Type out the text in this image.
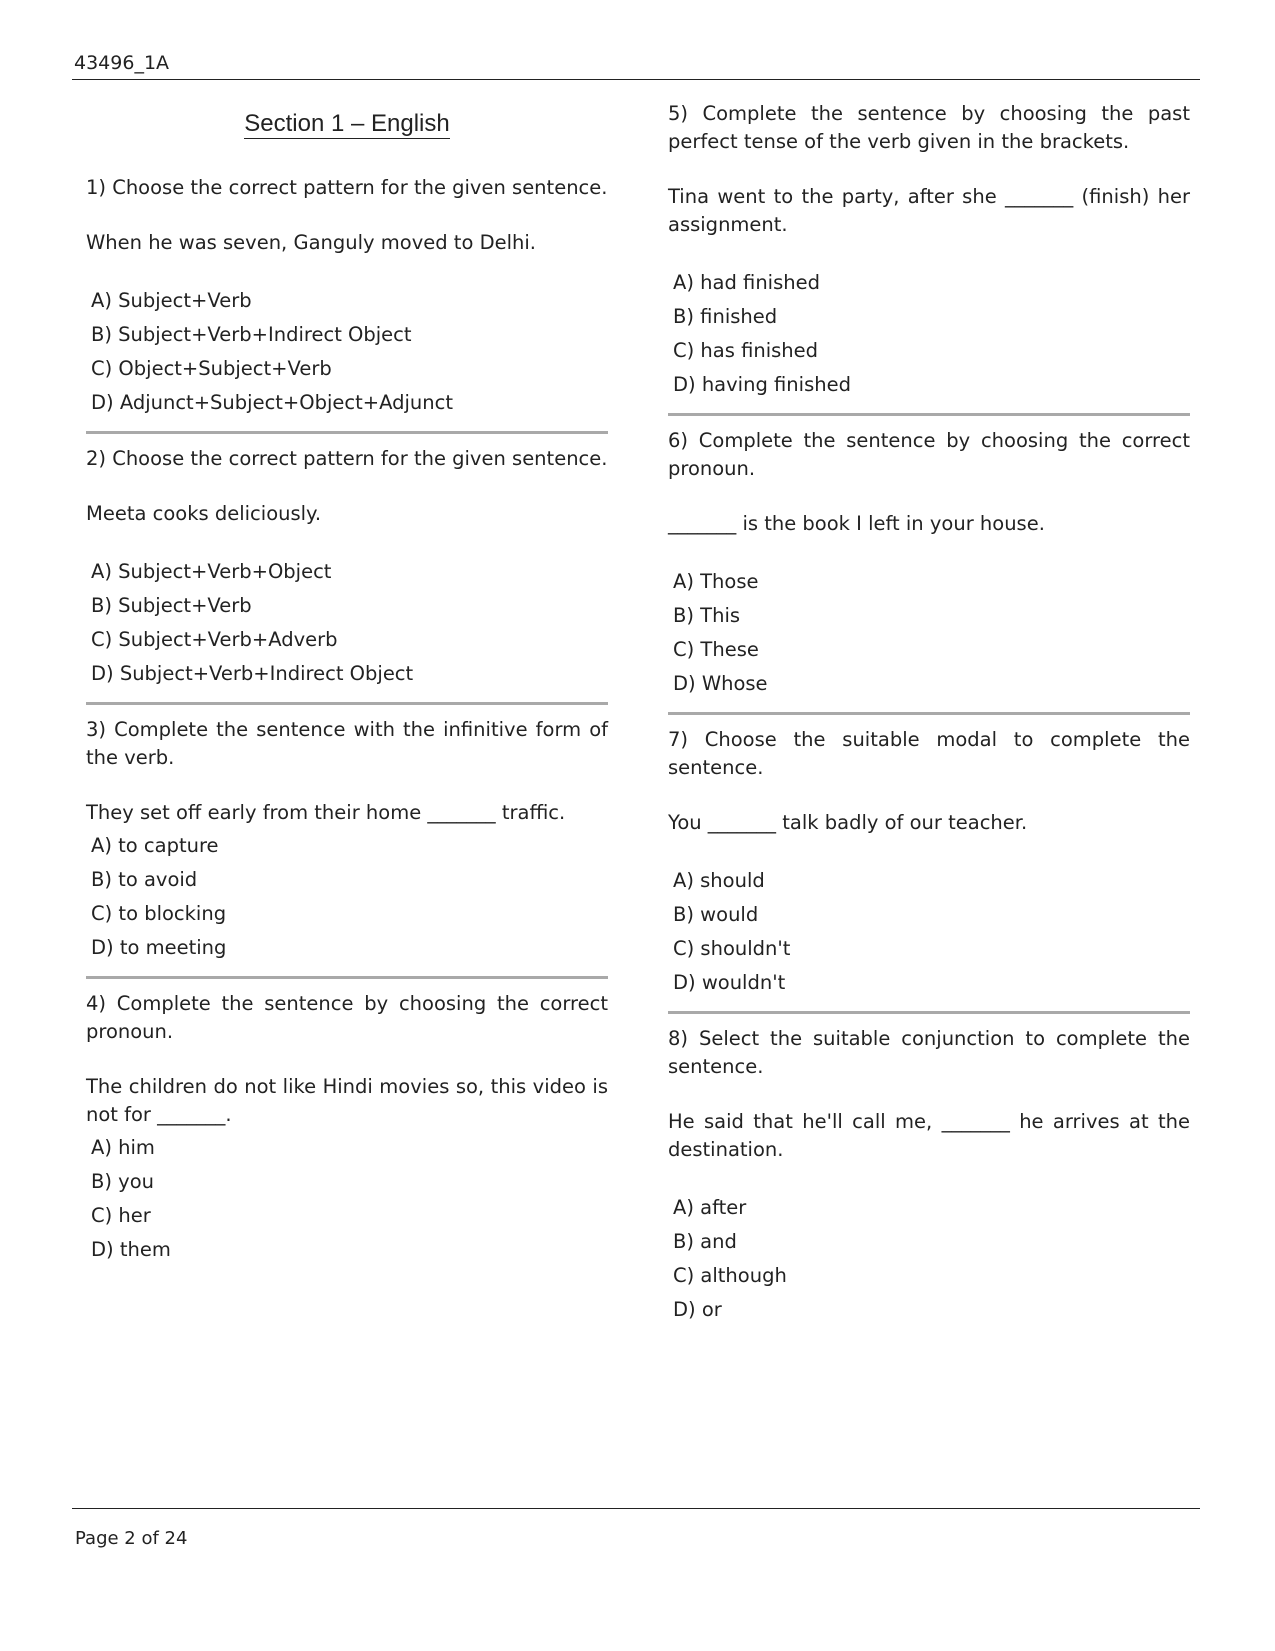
43496_1A
Section 1 – English

1) Choose the correct pattern for the given sentence.

When he was seven, Ganguly moved to Delhi.

A) Subject+Verb
B) Subject+Verb+Indirect Object
C) Object+Subject+Verb
D) Adjunct+Subject+Object+Adjunct

2) Choose the correct pattern for the given sentence.

Meeta cooks deliciously.

A) Subject+Verb+Object
B) Subject+Verb
C) Subject+Verb+Adverb
D) Subject+Verb+Indirect Object

3) Complete the sentence with the infinitive form of the verb.

They set off early from their home _______ traffic.

A) to capture
B) to avoid
C) to blocking
D) to meeting

4) Complete the sentence by choosing the correct pronoun.

The children do not like Hindi movies so, this video is not for _______.

A) him
B) you
C) her
D) them

5) Complete the sentence by choosing the past perfect tense of the verb given in the brackets.

Tina went to the party, after she _______ (finish) her assignment.

A) had finished
B) finished
C) has finished
D) having finished

6) Complete the sentence by choosing the correct pronoun.

_______ is the book I left in your house.

A) Those
B) This
C) These
D) Whose

7) Choose the suitable modal to complete the sentence.

You _______ talk badly of our teacher.

A) should
B) would
C) shouldn't
D) wouldn't

8) Select the suitable conjunction to complete the sentence.

He said that he'll call me, _______ he arrives at the destination.

A) after
B) and
C) although
D) or
Page 2 of 24
